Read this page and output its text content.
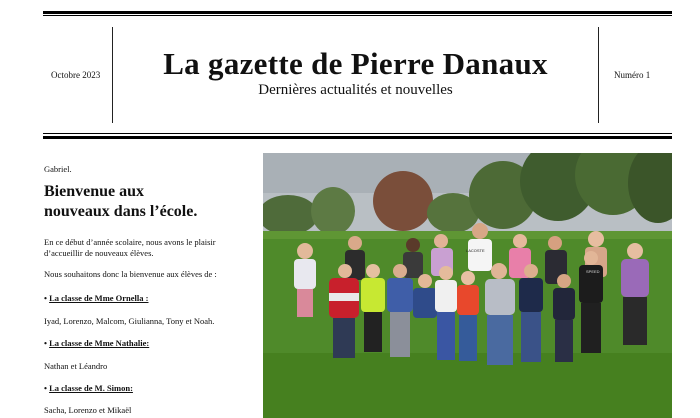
Octobre 2023	La gazette de Pierre Danaux
Dernières actualités et nouvelles
Numéro 1
Gabriel.
Bienvenue aux
nouveaux dans l’école.
En ce début d’année scolaire, nous avons le plaisir
d’accueillir de nouveaux élèves.
Nous souhaitons donc la bienvenue aux élèves de :
• La classe de Mme Ornella :
Iyad, Lorenzo, Malcom, Giulianna, Tony et Noah.
• La classe de Mme Nathalie:
Nathan et Léandro
• La classe de M. Simon:
Sacha, Lorenzo et Mikaël
LACOSTE
SPEED
